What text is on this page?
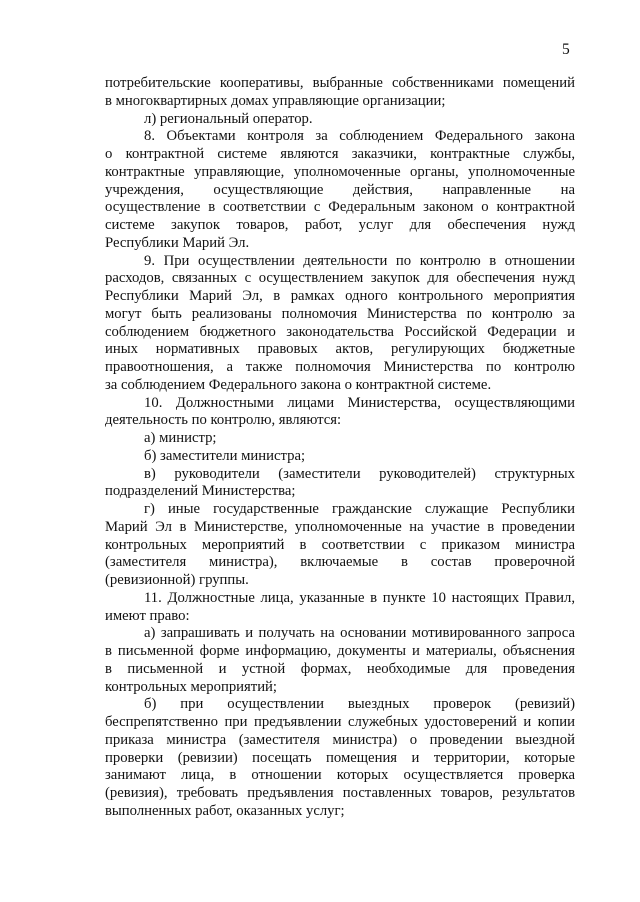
5
потребительские кооперативы, выбранные собственниками помещений
в многоквартирных домах управляющие организации;
л) региональный оператор.
8. Объектами контроля за соблюдением Федерального закона
о контрактной системе являются заказчики, контрактные службы,
контрактные управляющие, уполномоченные органы, уполномоченные
учреждения, осуществляющие действия, направленные на
осуществление в соответствии с Федеральным законом о контрактной
системе закупок товаров, работ, услуг для обеспечения нужд
Республики Марий Эл.
9. При осуществлении деятельности по контролю в отношении
расходов, связанных с осуществлением закупок для обеспечения нужд
Республики Марий Эл, в рамках одного контрольного мероприятия
могут быть реализованы полномочия Министерства по контролю за
соблюдением бюджетного законодательства Российской Федерации и
иных нормативных правовых актов, регулирующих бюджетные
правоотношения, а также полномочия Министерства по контролю
за соблюдением Федерального закона о контрактной системе.
10. Должностными лицами Министерства, осуществляющими
деятельность по контролю, являются:
а) министр;
б) заместители министра;
в) руководители (заместители руководителей) структурных
подразделений Министерства;
г) иные государственные гражданские служащие Республики
Марий Эл в Министерстве, уполномоченные на участие в проведении
контрольных мероприятий в соответствии с приказом министра
(заместителя министра), включаемые в состав проверочной
(ревизионной) группы.
11. Должностные лица, указанные в пункте 10 настоящих Правил,
имеют право:
а) запрашивать и получать на основании мотивированного запроса
в письменной форме информацию, документы и материалы, объяснения
в письменной и устной формах, необходимые для проведения
контрольных мероприятий;
б) при осуществлении выездных проверок (ревизий)
беспрепятственно при предъявлении служебных удостоверений и копии
приказа министра (заместителя министра) о проведении выездной
проверки (ревизии) посещать помещения и территории, которые
занимают лица, в отношении которых осуществляется проверка
(ревизия), требовать предъявления поставленных товаров, результатов
выполненных работ, оказанных услуг;
